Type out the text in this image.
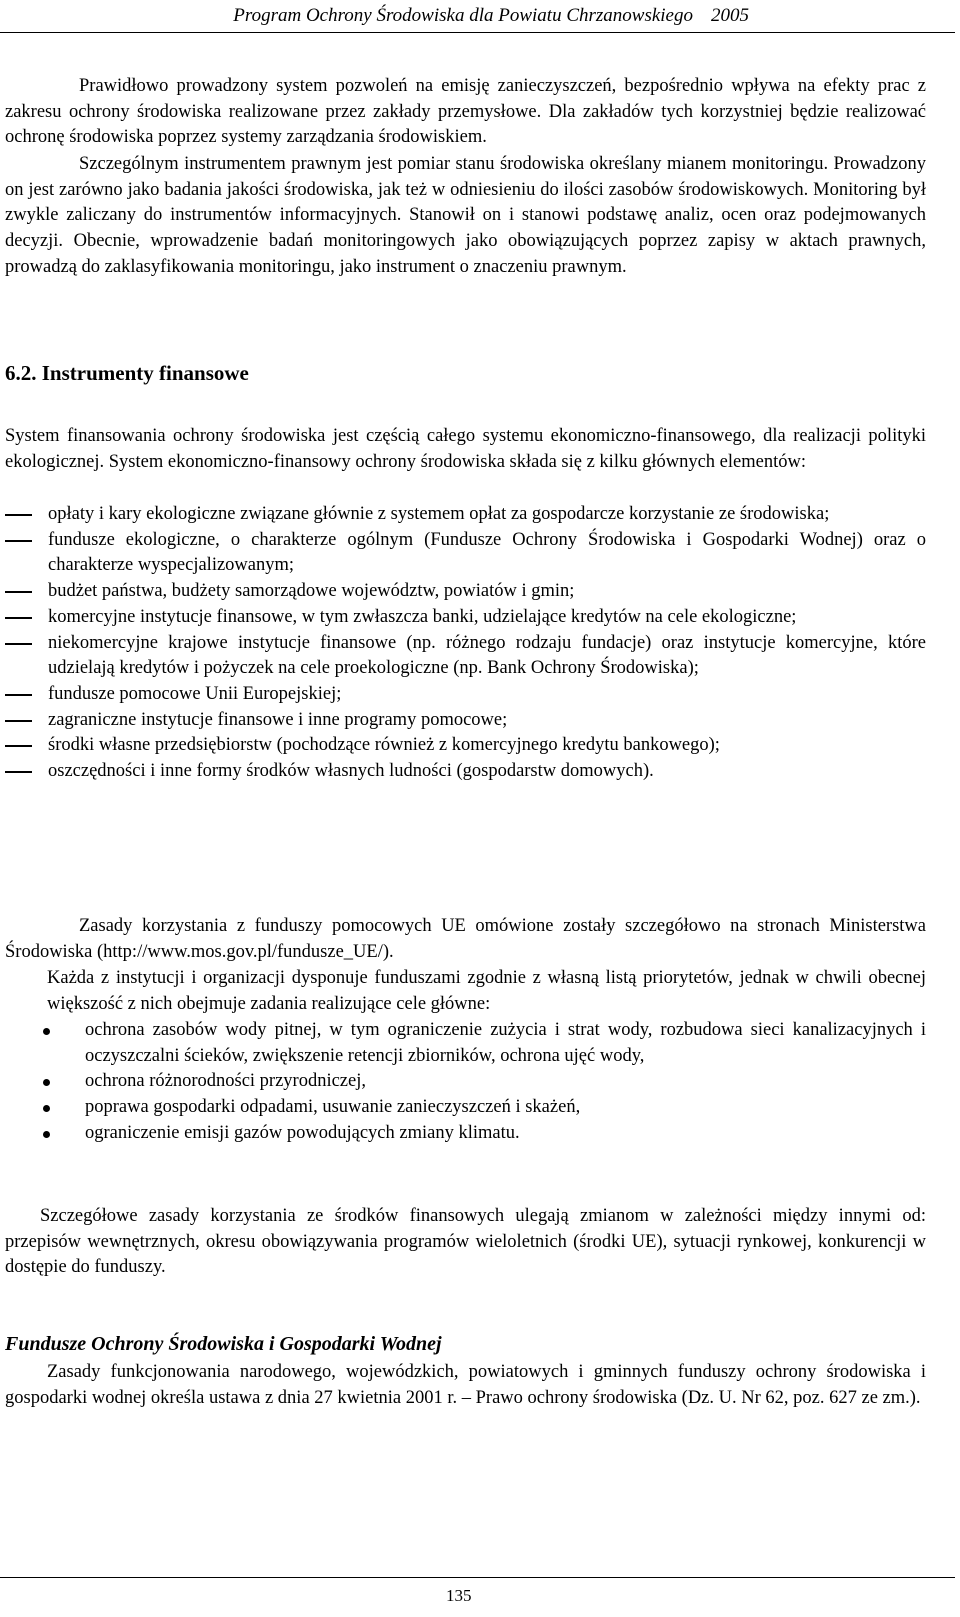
Program Ochrony Środowiska dla Powiatu Chrzanowskiego 2005

Prawidłowo prowadzony system pozwoleń na emisję zanieczyszczeń, bezpośrednio wpływa na efekty prac z zakresu ochrony środowiska realizowane przez zakłady przemysłowe. Dla zakładów tych korzystniej będzie realizować ochronę środowiska poprzez systemy zarządzania środowiskiem.

Szczególnym instrumentem prawnym jest pomiar stanu środowiska określany mianem monitoringu. Prowadzony on jest zarówno jako badania jakości środowiska, jak też w odniesieniu do ilości zasobów środowiskowych. Monitoring był zwykle zaliczany do instrumentów informacyjnych. Stanowił on i stanowi podstawę analiz, ocen oraz podejmowanych decyzji. Obecnie, wprowadzenie badań monitoringowych jako obowiązujących poprzez zapisy w aktach prawnych, prowadzą do zaklasyfikowania monitoringu, jako instrument o znaczeniu prawnym.

6.2. Instrumenty finansowe

System finansowania ochrony środowiska jest częścią całego systemu ekonomiczno-finansowego, dla realizacji polityki ekologicznej. System ekonomiczno-finansowy ochrony środowiska składa się z kilku głównych elementów:

opłaty i kary ekologiczne związane głównie z systemem opłat za gospodarcze korzystanie ze środowiska;
fundusze ekologiczne, o charakterze ogólnym (Fundusze Ochrony Środowiska i Gospodarki Wodnej) oraz o charakterze wyspecjalizowanym;
budżet państwa, budżety samorządowe województw, powiatów i gmin;
komercyjne instytucje finansowe, w tym zwłaszcza banki, udzielające kredytów na cele ekologiczne;
niekomercyjne krajowe instytucje finansowe (np. różnego rodzaju fundacje) oraz instytucje komercyjne, które udzielają kredytów i pożyczek na cele proekologiczne (np. Bank Ochrony Środowiska);
fundusze pomocowe Unii Europejskiej;
zagraniczne instytucje finansowe i inne programy pomocowe;
środki własne przedsiębiorstw (pochodzące również z komercyjnego kredytu bankowego);
oszczędności i inne formy środków własnych ludności (gospodarstw domowych).

Zasady korzystania z funduszy pomocowych UE omówione zostały szczegółowo na stronach Ministerstwa Środowiska (http://www.mos.gov.pl/fundusze_UE/).

Każda z instytucji i organizacji dysponuje funduszami zgodnie z własną listą priorytetów, jednak w chwili obecnej większość z nich obejmuje zadania realizujące cele główne:

ochrona zasobów wody pitnej, w tym ograniczenie zużycia i strat wody, rozbudowa sieci kanalizacyjnych i oczyszczalni ścieków, zwiększenie retencji zbiorników, ochrona ujęć wody,
ochrona różnorodności przyrodniczej,
poprawa gospodarki odpadami, usuwanie zanieczyszczeń i skażeń,
ograniczenie emisji gazów powodujących zmiany klimatu.

Szczegółowe zasady korzystania ze środków finansowych ulegają zmianom w zależności między innymi od: przepisów wewnętrznych, okresu obowiązywania programów wieloletnich (środki UE), sytuacji rynkowej, konkurencji w dostępie do funduszy.

Fundusze Ochrony Środowiska i Gospodarki Wodnej

Zasady funkcjonowania narodowego, wojewódzkich, powiatowych i gminnych funduszy ochrony środowiska i gospodarki wodnej określa ustawa z dnia 27 kwietnia 2001 r. – Prawo ochrony środowiska (Dz. U. Nr 62, poz. 627 ze zm.).

135
